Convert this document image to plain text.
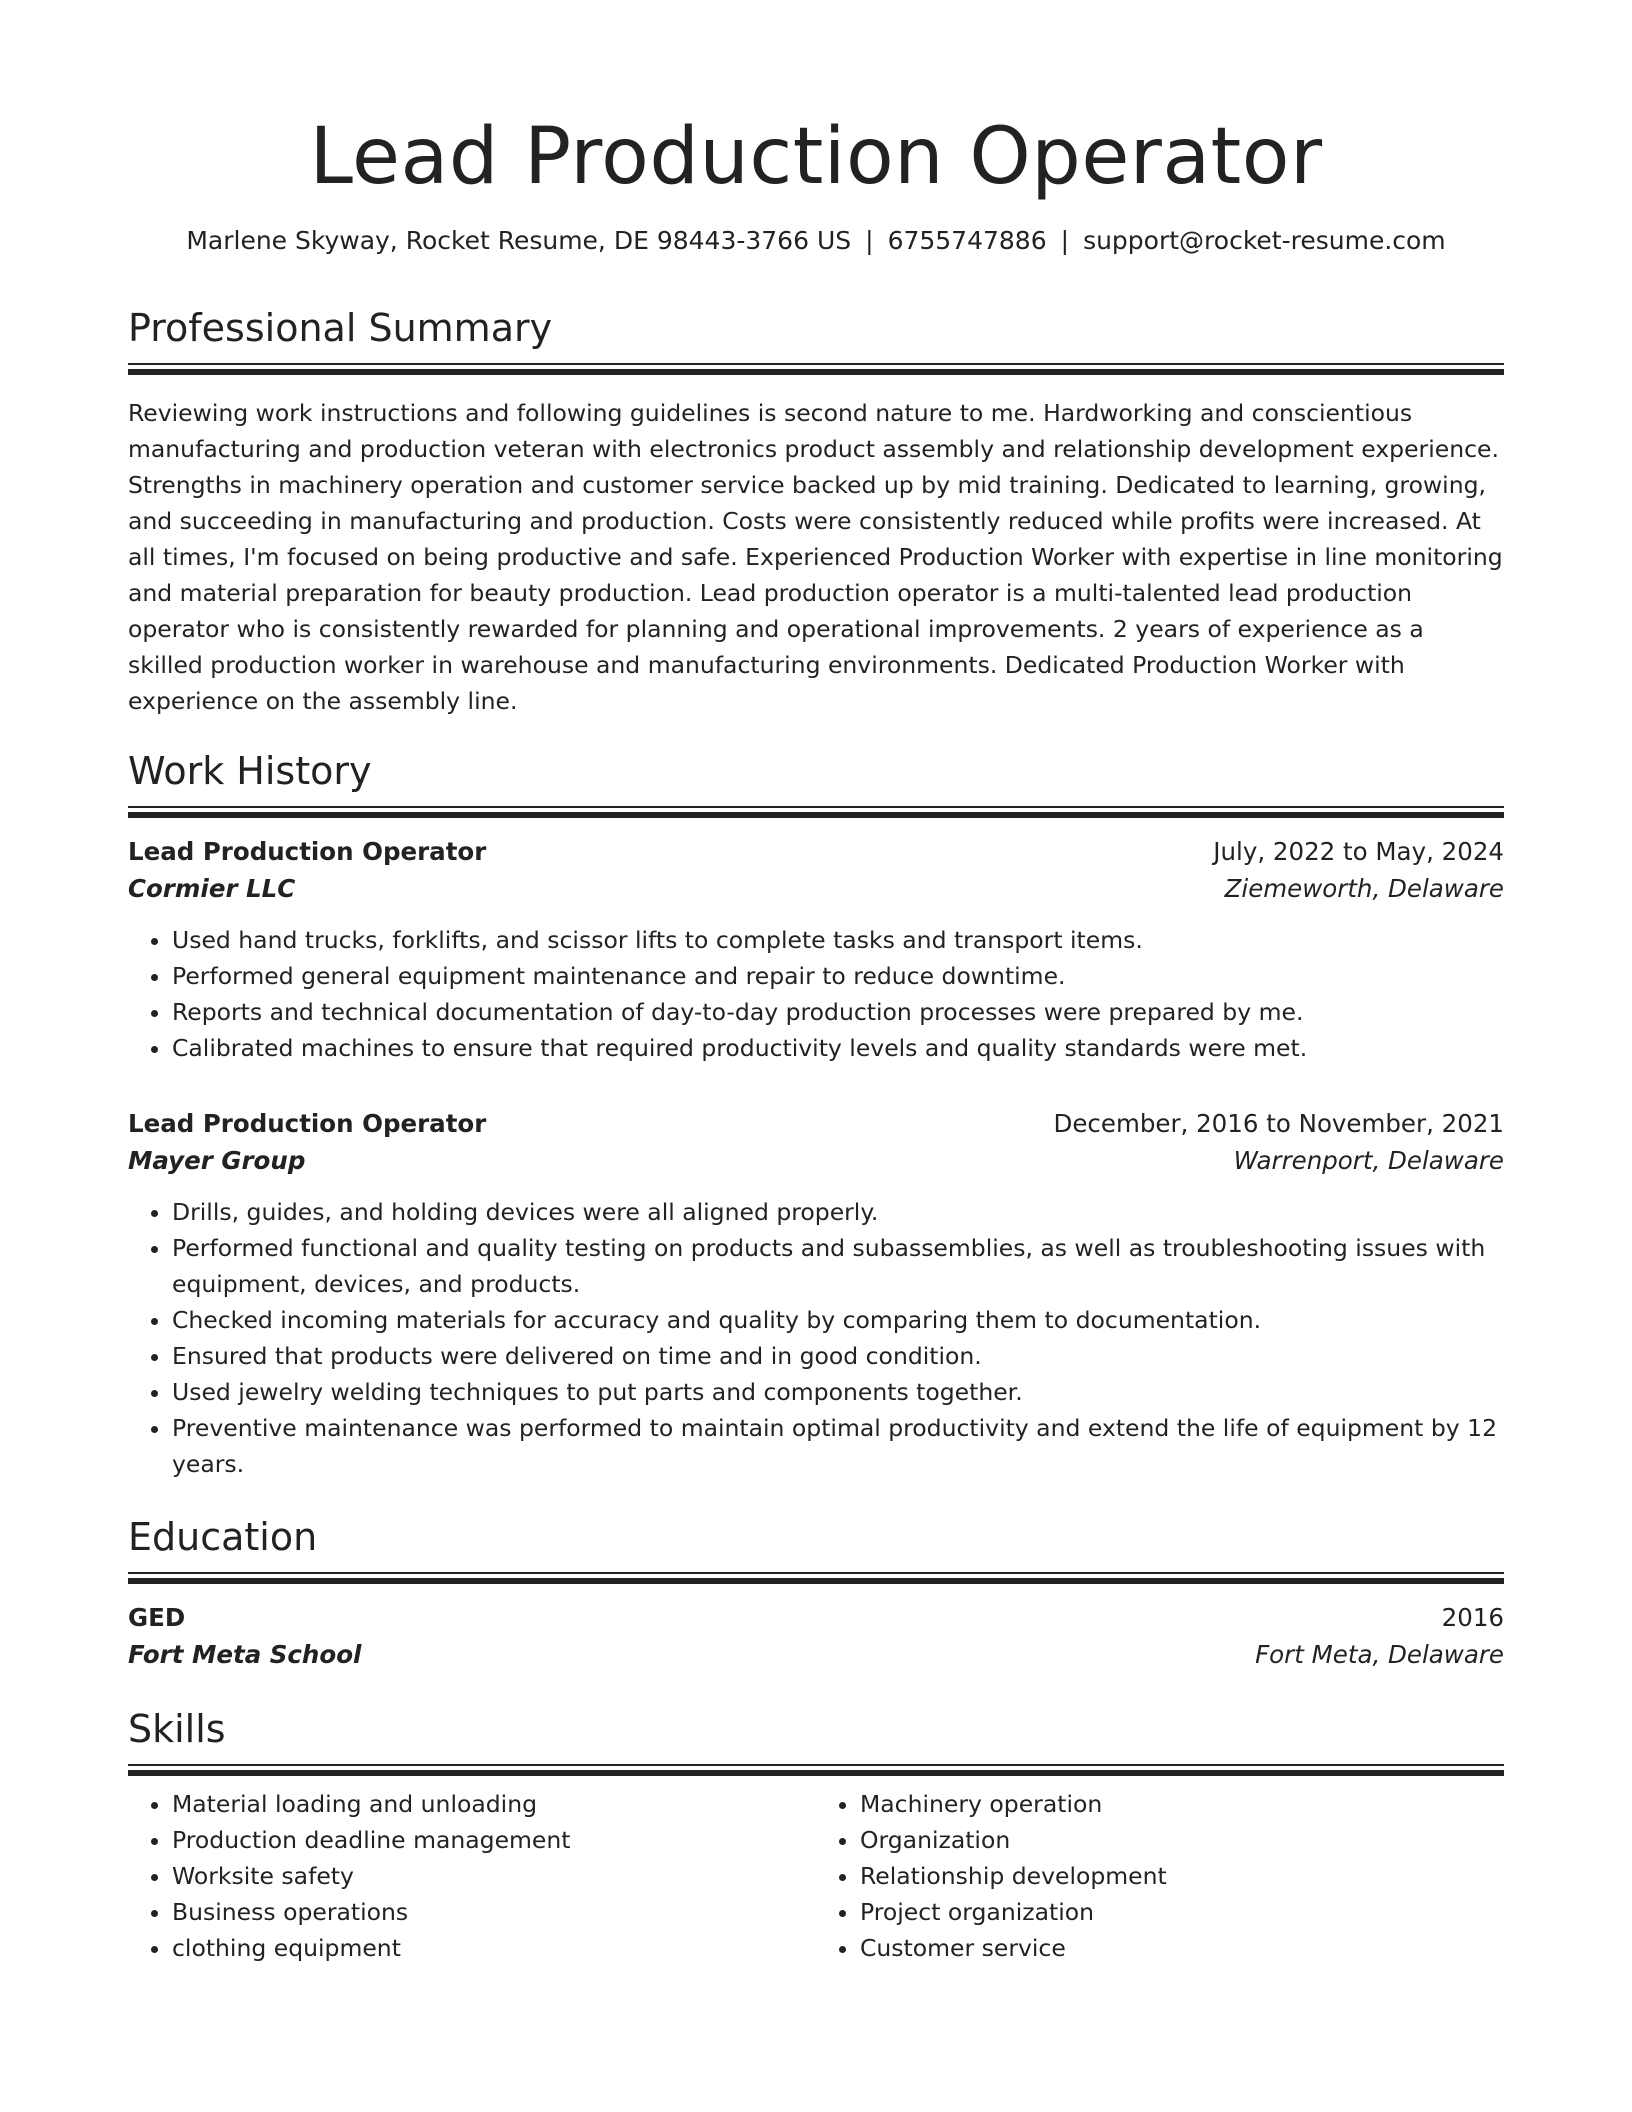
Lead Production Operator
Marlene Skyway, Rocket Resume, DE 98443-3766 US | 6755747886 | support@rocket-resume.com
Professional Summary

Reviewing work instructions and following guidelines is second nature to me. Hardworking and conscientious manufacturing and production veteran with electronics product assembly and relationship development experience. Strengths in machinery operation and customer service backed up by mid training. Dedicated to learning, growing, and succeeding in manufacturing and production. Costs were consistently reduced while profits were increased. At all times, I'm focused on being productive and safe. Experienced Production Worker with expertise in line monitoring and material preparation for beauty production. Lead production operator is a multi-talented lead production operator who is consistently rewarded for planning and operational improvements. 2 years of experience as a skilled production worker in warehouse and manufacturing environments. Dedicated Production Worker with experience on the assembly line.

Work History
Lead Production Operator	July, 2022 to May, 2024
Cormier LLC	Ziemeworth, Delaware
• Used hand trucks, forklifts, and scissor lifts to complete tasks and transport items.
• Performed general equipment maintenance and repair to reduce downtime.
• Reports and technical documentation of day-to-day production processes were prepared by me.
• Calibrated machines to ensure that required productivity levels and quality standards were met.
Lead Production Operator	December, 2016 to November, 2021
Mayer Group	Warrenport, Delaware
• Drills, guides, and holding devices were all aligned properly.
• Performed functional and quality testing on products and subassemblies, as well as troubleshooting issues with equipment, devices, and products.
• Checked incoming materials for accuracy and quality by comparing them to documentation.
• Ensured that products were delivered on time and in good condition.
• Used jewelry welding techniques to put parts and components together.
• Preventive maintenance was performed to maintain optimal productivity and extend the life of equipment by 12 years.
Education
GED	2016
Fort Meta School	Fort Meta, Delaware
Skills
• Material loading and unloading
• Production deadline management
• Worksite safety
• Business operations
• clothing equipment
• Machinery operation
• Organization
• Relationship development
• Project organization
• Customer service
